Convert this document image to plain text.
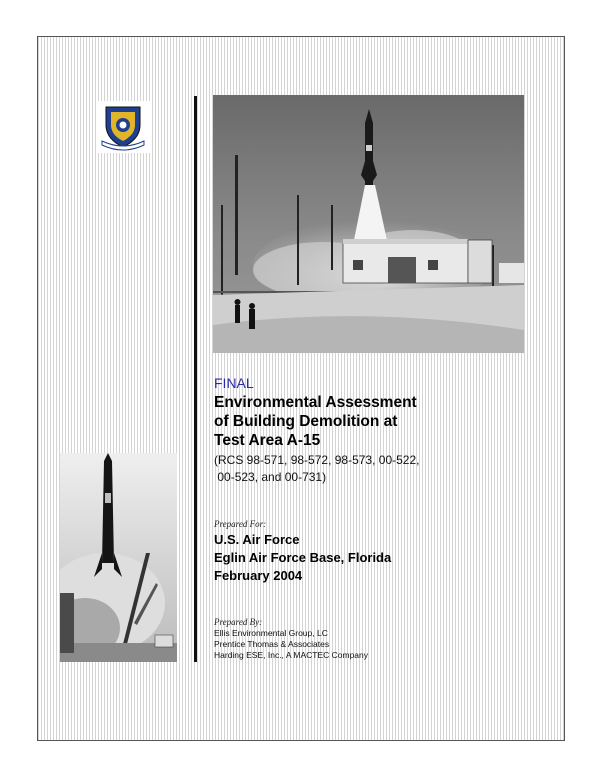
FINAL

Environmental Assessment
of Building Demolition at
Test Area A-15

(RCS 98-571, 98-572, 98-573, 00-522,
00-523, and 00-731)

Prepared For:

U.S. Air Force
Eglin Air Force Base, Florida
February 2004

Prepared By:

Ellis Environmental Group, LC
Prentice Thomas & Associates
Harding ESE, Inc., A MACTEC Company
